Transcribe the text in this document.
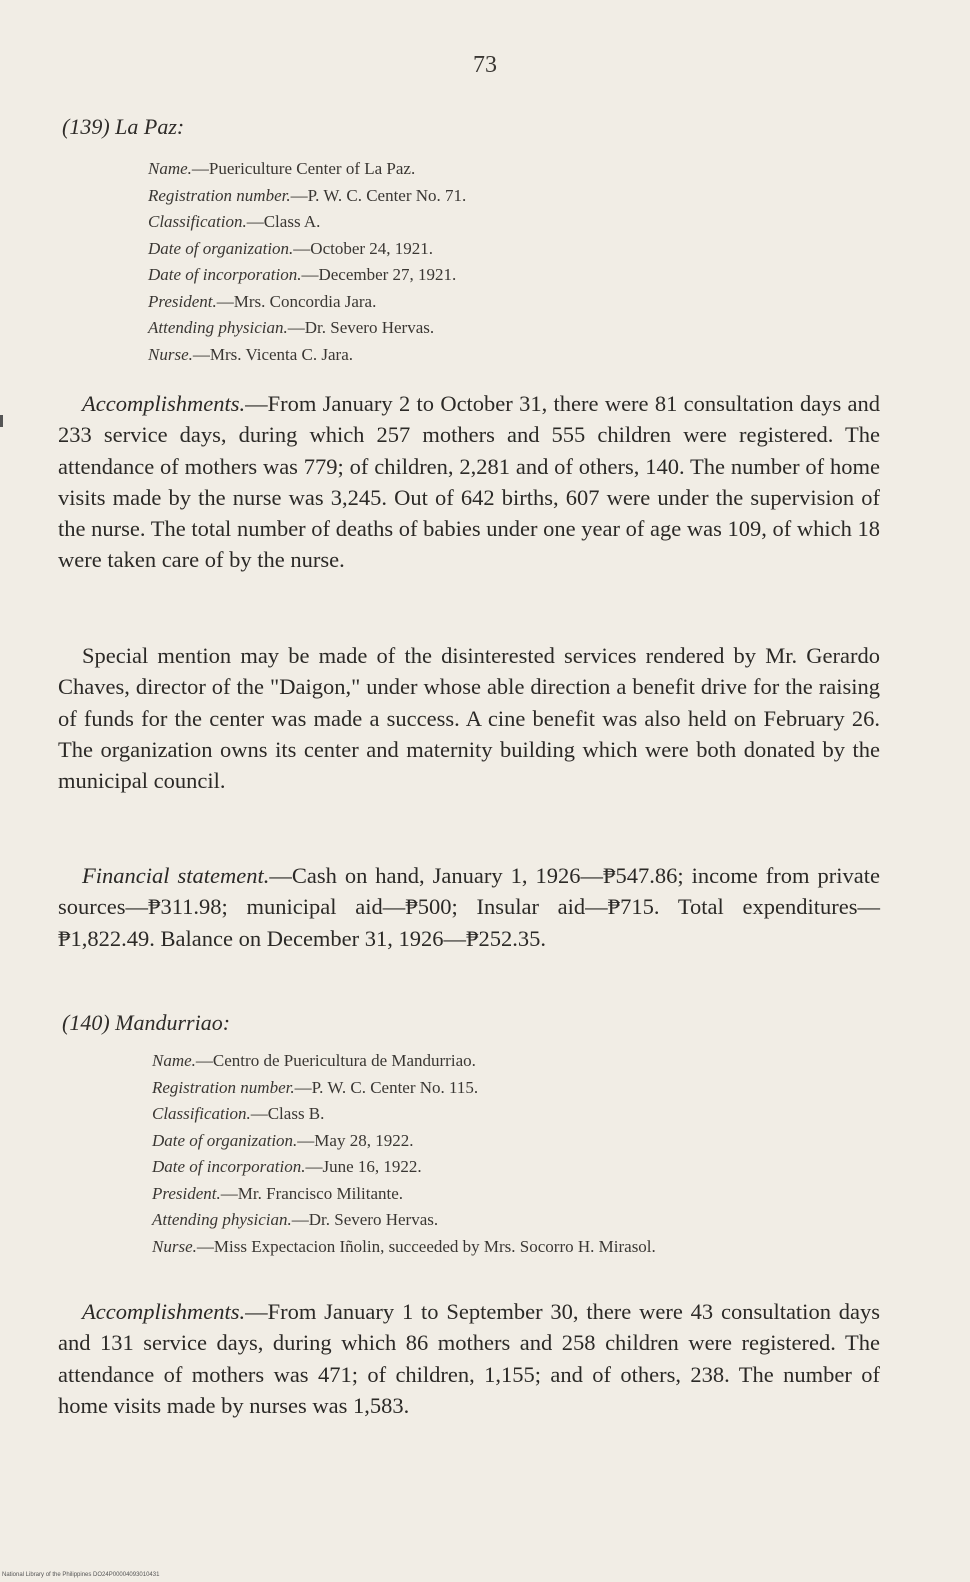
73
(139) La Paz:
Name.—Puericulture Center of La Paz.
Registration number.—P. W. C. Center No. 71.
Classification.—Class A.
Date of organization.—October 24, 1921.
Date of incorporation.—December 27, 1921.
President.—Mrs. Concordia Jara.
Attending physician.—Dr. Severo Hervas.
Nurse.—Mrs. Vicenta C. Jara.

Accomplishments.—From January 2 to October 31, there were 81 consultation days and 233 service days, during which 257 mothers and 555 children were registered. The attendance of mothers was 779; of children, 2,281 and of others, 140. The number of home visits made by the nurse was 3,245. Out of 642 births, 607 were under the supervision of the nurse. The total number of deaths of babies under one year of age was 109, of which 18 were taken care of by the nurse.

Special mention may be made of the disinterested services rendered by Mr. Gerardo Chaves, director of the "Daigon," under whose able direction a benefit drive for the raising of funds for the center was made a success. A cine benefit was also held on February 26. The organization owns its center and maternity building which were both donated by the municipal council.

Financial statement.—Cash on hand, January 1, 1926—₱547.86; income from private sources—₱311.98; municipal aid—₱500; Insular aid—₱715. Total expenditures—₱1,822.49. Balance on December 31, 1926—₱252.35.

(140) Mandurriao:
Name.—Centro de Puericultura de Mandurriao.
Registration number.—P. W. C. Center No. 115.
Classification.—Class B.
Date of organization.—May 28, 1922.
Date of incorporation.—June 16, 1922.
President.—Mr. Francisco Militante.
Attending physician.—Dr. Severo Hervas.
Nurse.—Miss Expectacion Iñolin, succeeded by Mrs. Socorro H. Mirasol.

Accomplishments.—From January 1 to September 30, there were 43 consultation days and 131 service days, during which 86 mothers and 258 children were registered. The attendance of mothers was 471; of children, 1,155; and of others, 238. The number of home visits made by nurses was 1,583.

National Library of the Philippines DO24P00004093010431
